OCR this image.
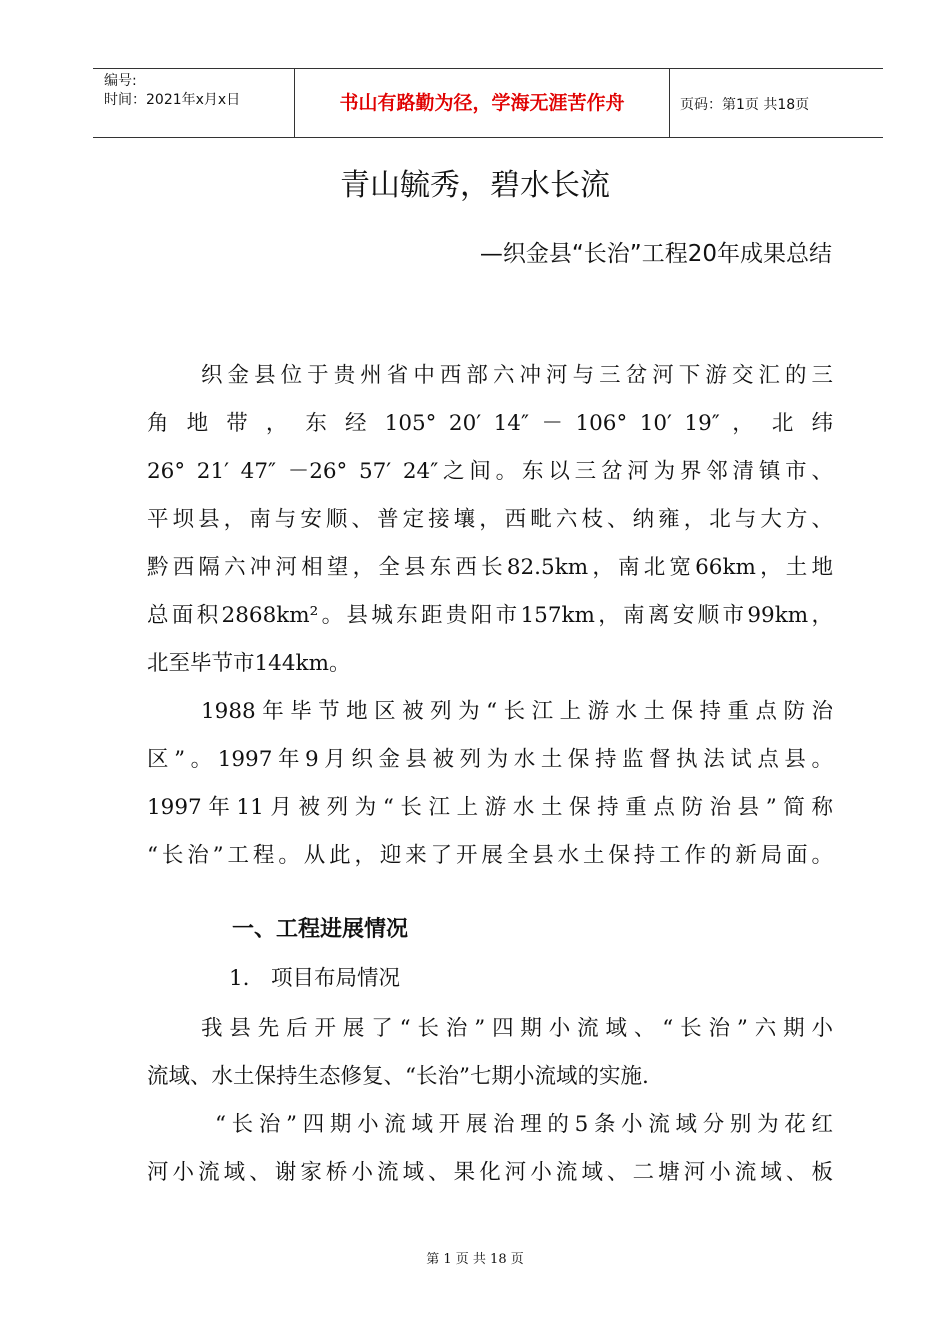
编号:
时间：2021年x月x日	书山有路勤为径，学海无涯苦作舟	页码：第1页 共18页
青山毓秀，碧水长流
—织金县“长治”工程20年成果总结
织金县位于贵州省中西部六冲河与三岔河下游交汇的三
角 地 带 ， 东 经 105° 20′ 14″ － 106° 10′ 19″ ， 北 纬
26° 21′ 47″ －26° 57′ 24″之间。东以三岔河为界邻清镇市、
平坝县，南与安顺、普定接壤，西毗六枝、纳雍，北与大方、
黔西隔六冲河相望，全县东西长82.5km，南北宽66km，土地
总面积2868km²。县城东距贵阳市157km，南离安顺市99km，
北至毕节市144km。
1988年毕节地区被列为“长江上游水土保持重点防治
区”。1997年9月织金县被列为水土保持监督执法试点县。
1997年11月被列为“长江上游水土保持重点防治县”简称
“长治”工程。从此，迎来了开展全县水土保持工作的新局面。
一、工程进展情况
1.　项目布局情况
我县先后开展了“长治”四期小流域、“长治”六期小
流域、水土保持生态修复、“长治”七期小流域的实施.
“长治”四期小流域开展治理的5条小流域分别为花红
河小流域、谢家桥小流域、果化河小流域、二塘河小流域、板
第 1 页 共 18 页
